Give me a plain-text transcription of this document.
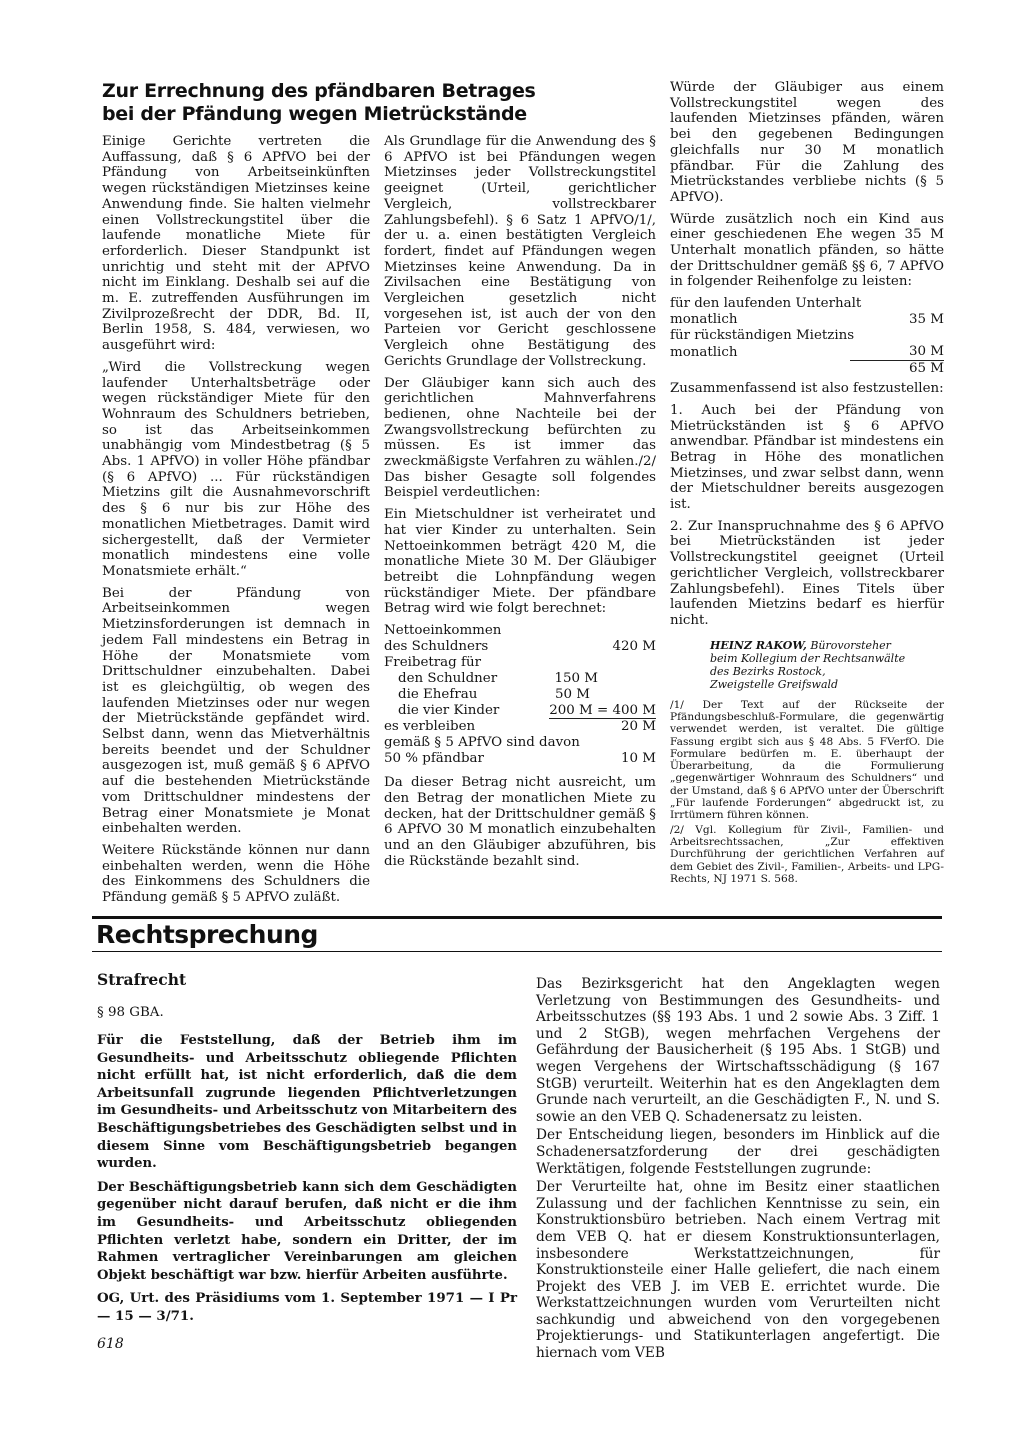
Zur Errechnung des pfändbaren Betrages
bei der Pfändung wegen Mietrückstände

Einige Gerichte vertreten die Auffassung, daß § 6 APfVO bei der Pfändung von Arbeitseinkünften wegen rückständigen Mietzinses keine Anwendung finde. Sie halten vielmehr einen Vollstreckungstitel über die laufende monatliche Miete für erforderlich. Dieser Standpunkt ist unrichtig und steht mit der APfVO nicht im Einklang. Deshalb sei auf die m. E. zutreffenden Ausführungen im Zivilprozeßrecht der DDR, Bd. II, Berlin 1958, S. 484, verwiesen, wo ausgeführt wird:

„Wird die Vollstreckung wegen laufender Unterhaltsbeträge oder wegen rückständiger Miete für den Wohnraum des Schuldners betrieben, so ist das Arbeitseinkommen unabhängig vom Mindestbetrag (§ 5 Abs. 1 APfVO) in voller Höhe pfändbar (§ 6 APfVO) ... Für rückständigen Mietzins gilt die Ausnahmevorschrift des § 6 nur bis zur Höhe des monatlichen Mietbetrages. Damit wird sichergestellt, daß der Vermieter monatlich mindestens eine volle Monatsmiete erhält.“

Bei der Pfändung von Arbeitseinkommen wegen Mietzinsforderungen ist demnach in jedem Fall mindestens ein Betrag in Höhe der Monatsmiete vom Drittschuldner einzubehalten. Dabei ist es gleichgültig, ob wegen des laufenden Mietzinses oder nur wegen der Mietrückstände gepfändet wird. Selbst dann, wenn das Mietverhältnis bereits beendet und der Schuldner ausgezogen ist, muß gemäß § 6 APfVO auf die bestehenden Mietrückstände vom Drittschuldner mindestens der Betrag einer Monatsmiete je Monat einbehalten werden.

Weitere Rückstände können nur dann einbehalten werden, wenn die Höhe des Einkommens des Schuldners die Pfändung gemäß § 5 APfVO zuläßt.

Als Grundlage für die Anwendung des § 6 APfVO ist bei Pfändungen wegen Mietzinses jeder Vollstreckungstitel geeignet (Urteil, gerichtlicher Vergleich, vollstreckbarer Zahlungsbefehl). § 6 Satz 1 APfVO/1/, der u. a. einen bestätigten Vergleich fordert, findet auf Pfändungen wegen Mietzinses keine Anwendung. Da in Zivilsachen eine Bestätigung von Vergleichen gesetzlich nicht vorgesehen ist, ist auch der von den Parteien vor Gericht geschlossene Vergleich ohne Bestätigung des Gerichts Grundlage der Vollstreckung.

Der Gläubiger kann sich auch des gerichtlichen Mahnverfahrens bedienen, ohne Nachteile bei der Zwangsvollstreckung befürchten zu müssen. Es ist immer das zweckmäßigste Verfahren zu wählen./2/ Das bisher Gesagte soll folgendes Beispiel verdeutlichen:

Ein Mietschuldner ist verheiratet und hat vier Kinder zu unterhalten. Sein Nettoeinkommen beträgt 420 M, die monatliche Miete 30 M. Der Gläubiger betreibt die Lohnpfändung wegen rückständiger Miete. Der pfändbare Betrag wird wie folgt berechnet:

Nettoeinkommen	
des Schuldners	420 M
Freibetrag für	
den Schuldner	150 M
die Ehefrau	50 M
die vier Kinder	200 M = 400 M
es verbleiben	20 M
gemäß § 5 APfVO sind davon	
50 % pfändbar	10 M

Da dieser Betrag nicht ausreicht, um den Betrag der monatlichen Miete zu decken, hat der Drittschuldner gemäß § 6 APfVO 30 M monatlich einzubehalten und an den Gläubiger abzuführen, bis die Rückstände bezahlt sind.

Würde der Gläubiger aus einem Vollstreckungstitel wegen des laufenden Mietzinses pfänden, wären bei den gegebenen Bedingungen gleichfalls nur 30 M monatlich pfändbar. Für die Zahlung des Mietrückstandes verbliebe nichts (§ 5 APfVO).

Würde zusätzlich noch ein Kind aus einer geschiedenen Ehe wegen 35 M Unterhalt monatlich pfänden, so hätte der Drittschuldner gemäß §§ 6, 7 APfVO in folgender Reihenfolge zu leisten:

für den laufenden Unterhalt	
monatlich	35 M
für rückständigen Mietzins	
monatlich	30 M
	65 M

Zusammenfassend ist also festzustellen:

1. Auch bei der Pfändung von Mietrückständen ist § 6 APfVO anwendbar. Pfändbar ist mindestens ein Betrag in Höhe des monatlichen Mietzinses, und zwar selbst dann, wenn der Mietschuldner bereits ausgezogen ist.

2. Zur Inanspruchnahme des § 6 APfVO bei Mietrückständen ist jeder Vollstreckungstitel geeignet (Urteil gerichtlicher Vergleich, vollstreckbarer Zahlungsbefehl). Eines Titels über laufenden Mietzins bedarf es hierfür nicht.

HEINZ RAKOW, Bürovorsteher
beim Kollegium der Rechtsanwälte
des Bezirks Rostock,
Zweigstelle Greifswald

/1/ Der Text auf der Rückseite der Pfändungsbeschluß-Formulare, die gegenwärtig verwendet werden, ist veraltet. Die gültige Fassung ergibt sich aus § 48 Abs. 5 FVerfO. Die Formulare bedürfen m. E. überhaupt der Überarbeitung, da die Formulierung „gegenwärtiger Wohnraum des Schuldners“ und der Umstand, daß § 6 APfVO unter der Überschrift „Für laufende Forderungen“ abgedruckt ist, zu Irrtümern führen können.

/2/ Vgl. Kollegium für Zivil-, Familien- und Arbeitsrechtssachen, „Zur effektiven Durchführung der gerichtlichen Verfahren auf dem Gebiet des Zivil-, Familien-, Arbeits- und LPG-Rechts, NJ 1971 S. 568.

Rechtsprechung
Strafrecht
§ 98 GBA.

Für die Feststellung, daß der Betrieb ihm im Gesundheits- und Arbeitsschutz obliegende Pflichten nicht erfüllt hat, ist nicht erforderlich, daß die dem Arbeitsunfall zugrunde liegenden Pflichtverletzungen im Gesundheits- und Arbeitsschutz von Mitarbeitern des Beschäftigungsbetriebes des Geschädigten selbst und in diesem Sinne vom Beschäftigungsbetrieb begangen wurden.

Der Beschäftigungsbetrieb kann sich dem Geschädigten gegenüber nicht darauf berufen, daß nicht er die ihm im Gesundheits- und Arbeitsschutz obliegenden Pflichten verletzt habe, sondern ein Dritter, der im Rahmen vertraglicher Vereinbarungen am gleichen Objekt beschäftigt war bzw. hierfür Arbeiten ausführte.

OG, Urt. des Präsidiums vom 1. September 1971 — I Pr — 15 — 3/71.

Das Bezirksgericht hat den Angeklagten wegen Verletzung von Bestimmungen des Gesundheits- und Arbeitsschutzes (§§ 193 Abs. 1 und 2 sowie Abs. 3 Ziff. 1 und 2 StGB), wegen mehrfachen Vergehens der Gefährdung der Bausicherheit (§ 195 Abs. 1 StGB) und wegen Vergehens der Wirtschaftsschädigung (§ 167 StGB) verurteilt. Weiterhin hat es den Angeklagten dem Grunde nach verurteilt, an die Geschädigten F., N. und S. sowie an den VEB Q. Schadenersatz zu leisten.

Der Entscheidung liegen, besonders im Hinblick auf die Schadenersatzforderung der drei geschädigten Werktätigen, folgende Feststellungen zugrunde:

Der Verurteilte hat, ohne im Besitz einer staatlichen Zulassung und der fachlichen Kenntnisse zu sein, ein Konstruktionsbüro betrieben. Nach einem Vertrag mit dem VEB Q. hat er diesem Konstruktionsunterlagen, insbesondere Werkstattzeichnungen, für Konstruktionsteile einer Halle geliefert, die nach einem Projekt des VEB J. im VEB E. errichtet wurde. Die Werkstattzeichnungen wurden vom Verurteilten nicht sachkundig und abweichend von den vorgegebenen Projektierungs- und Statikunterlagen angefertigt. Die hiernach vom VEB

618
